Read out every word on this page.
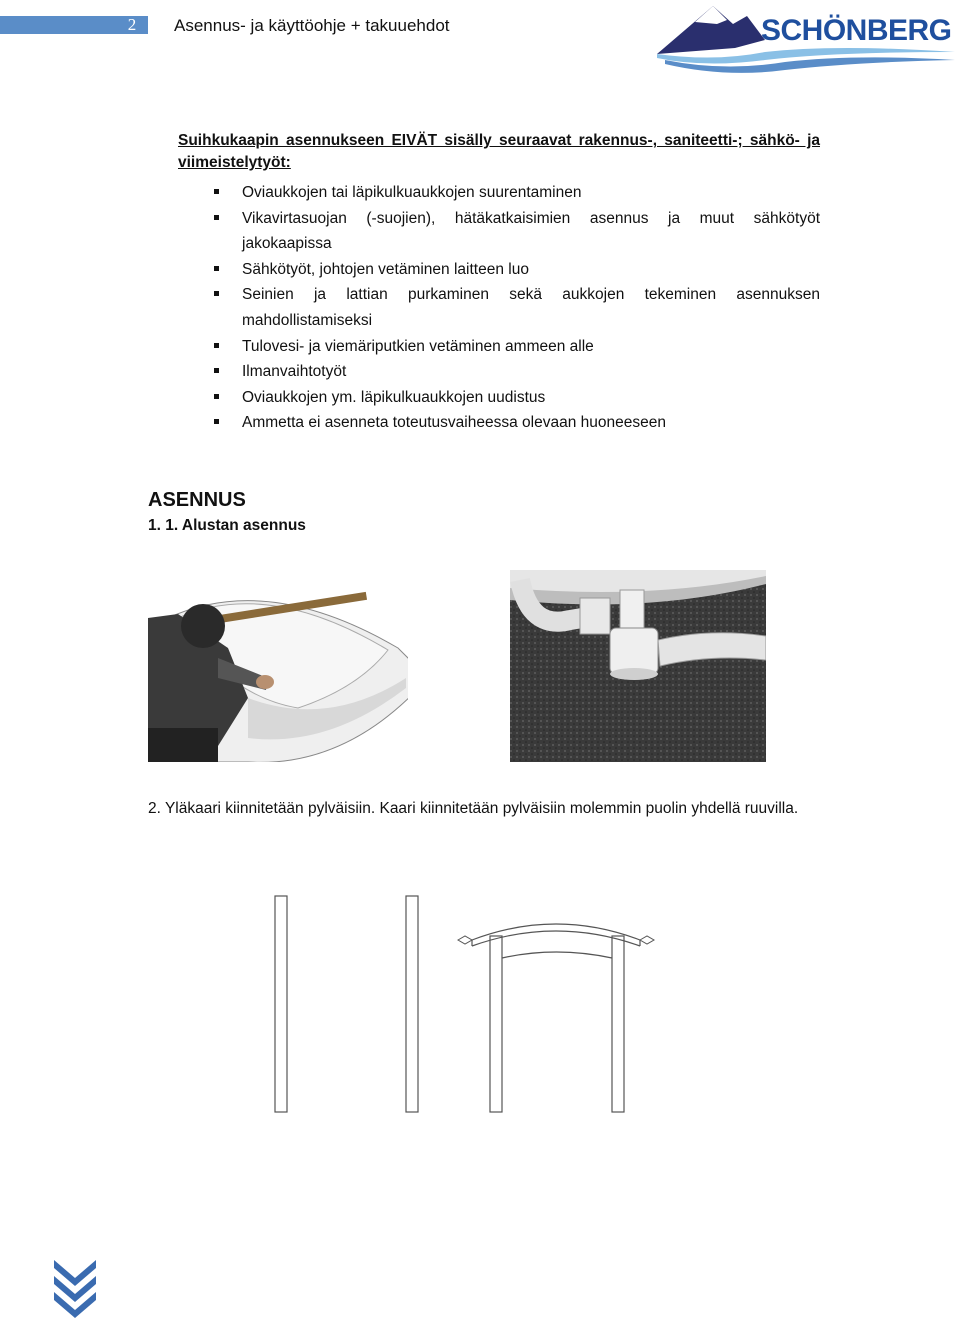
2	Asennus- ja käyttöohje + takuuehdot	SCHÖNBERG
Suihkukaapin asennukseen EIVÄT sisälly seuraavat rakennus-, saniteetti-; sähkö- ja viimeistelytyöt:
Oviaukkojen tai läpikulkuaukkojen suurentaminen
Vikavirtasuojan (-suojien), hätäkatkaisimien asennus ja muut sähkötyöt jakokaapissa
Sähkötyöt, johtojen vetäminen laitteen luo
Seinien ja lattian purkaminen sekä aukkojen tekeminen asennuksen mahdollistamiseksi
Tulovesi- ja viemäriputkien vetäminen ammeen alle
Ilmanvaihtotyöt
Oviaukkojen ym. läpikulkuaukkojen uudistus
Ammetta ei asenneta toteutusvaiheessa olevaan huoneeseen
ASENNUS
1. 1. Alustan asennus
2. Yläkaari kiinnitetään pylväisiin. Kaari kiinnitetään pylväisiin molemmin puolin yhdellä ruuvilla.
